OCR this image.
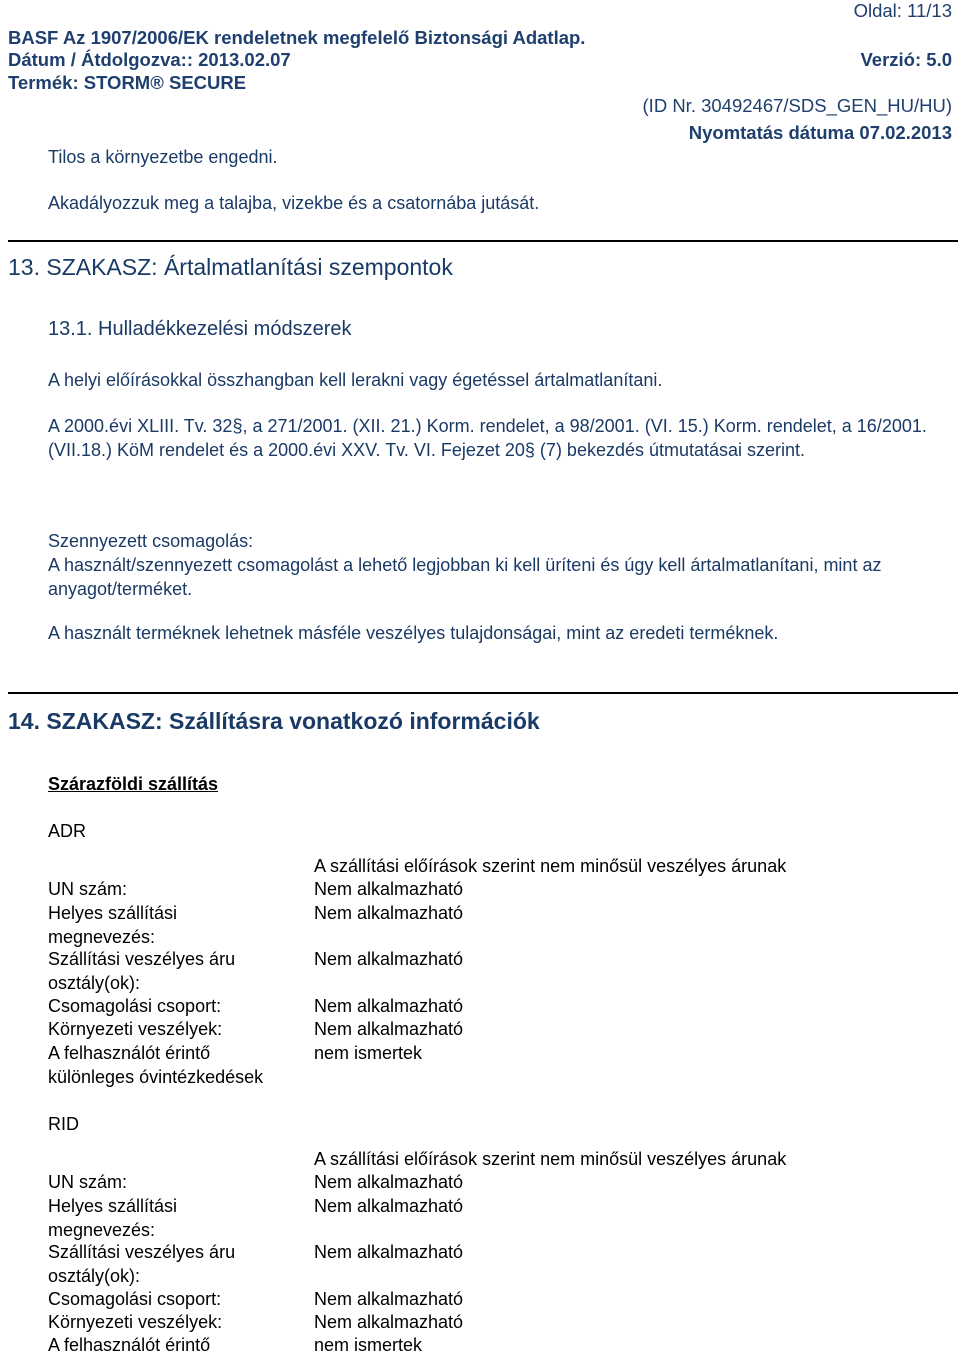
Oldal: 11/13
BASF Az 1907/2006/EK rendeletnek megfelelő Biztonsági Adatlap.
Dátum / Átdolgozva:: 2013.02.07	Verzió: 5.0
Termék: STORM® SECURE
(ID Nr. 30492467/SDS_GEN_HU/HU)
Nyomtatás dátuma 07.02.2013
Tilos a környezetbe engedni.
Akadályozzuk meg a talajba, vizekbe és a csatornába jutását.
13. SZAKASZ: Ártalmatlanítási szempontok
13.1. Hulladékkezelési módszerek
A helyi előírásokkal összhangban kell lerakni vagy égetéssel ártalmatlanítani.
A 2000.évi XLIII. Tv. 32§, a 271/2001. (XII. 21.) Korm. rendelet, a 98/2001. (VI. 15.) Korm. rendelet, a 16/2001. (VII.18.) KöM rendelet és a 2000.évi XXV. Tv. VI. Fejezet 20§ (7) bekezdés útmutatásai szerint.
Szennyezett csomagolás:
A használt/szennyezett csomagolást a lehető legjobban ki kell üríteni és úgy kell ártalmatlanítani, mint az anyagot/terméket.
A használt terméknek lehetnek másféle veszélyes tulajdonságai, mint az eredeti terméknek.
14. SZAKASZ: Szállításra vonatkozó információk
Szárazföldi szállítás
ADR
A szállítási előírások szerint nem minősül veszélyes árunak
UN szám:	Nem alkalmazható
Helyes szállítási megnevezés:
Nem alkalmazható
Szállítási veszélyes áru osztály(ok):
Nem alkalmazható
Csomagolási csoport:	Nem alkalmazható
Környezeti veszélyek:	Nem alkalmazható
A felhasználót érintő különleges óvintézkedések
nem ismertek
RID
A szállítási előírások szerint nem minősül veszélyes árunak
UN szám:	Nem alkalmazható
Helyes szállítási megnevezés:
Nem alkalmazható
Szállítási veszélyes áru osztály(ok):
Nem alkalmazható
Csomagolási csoport:	Nem alkalmazható
Környezeti veszélyek:	Nem alkalmazható
A felhasználót érintő	nem ismertek
